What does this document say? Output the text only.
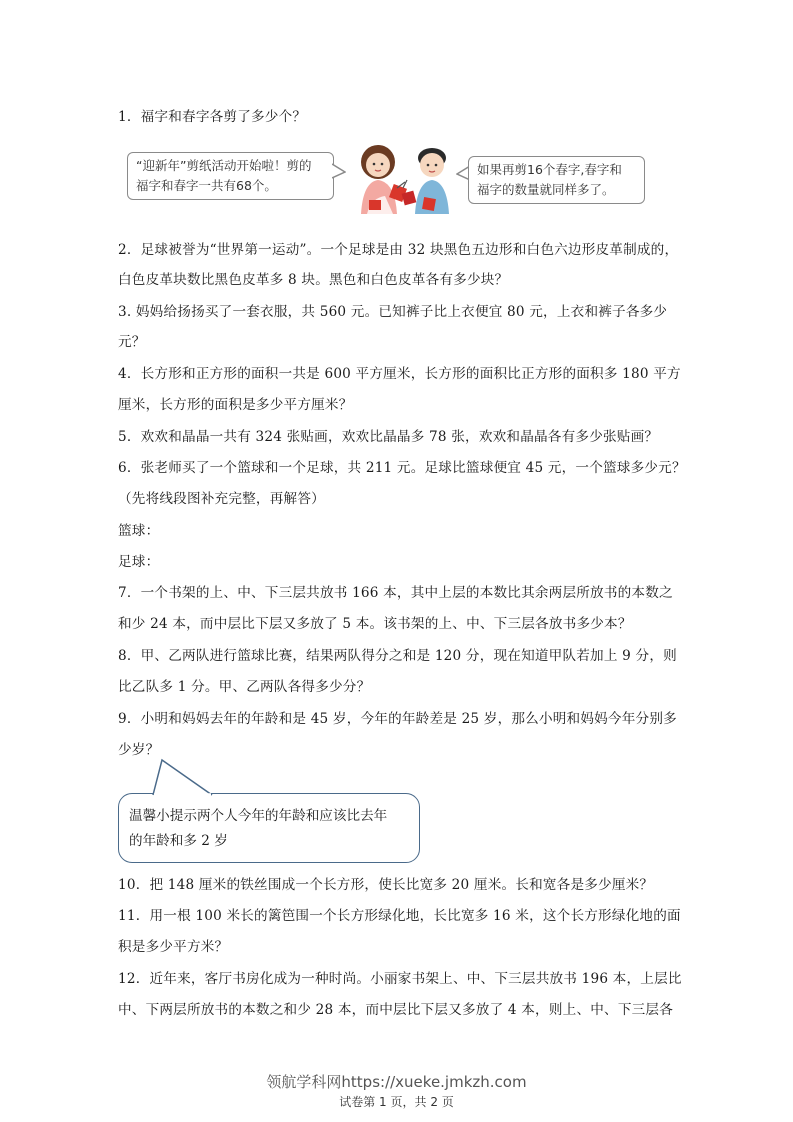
1．福字和春字各剪了多少个？
“迎新年”剪纸活动开始啦！剪的
福字和春字一共有68个。
如果再剪16个春字,春字和
福字的数量就同样多了。
2．足球被誉为“世界第一运动”。一个足球是由 32 块黑色五边形和白色六边形皮革制成的，
白色皮革块数比黑色皮革多 8 块。黑色和白色皮革各有多少块？
3. 妈妈给扬扬买了一套衣服，共 560 元。已知裤子比上衣便宜 80 元，上衣和裤子各多少
元？
4．长方形和正方形的面积一共是 600 平方厘米，长方形的面积比正方形的面积多 180 平方
厘米，长方形的面积是多少平方厘米？
5．欢欢和晶晶一共有 324 张贴画，欢欢比晶晶多 78 张，欢欢和晶晶各有多少张贴画？
6．张老师买了一个篮球和一个足球，共 211 元。足球比篮球便宜 45 元，一个篮球多少元？
（先将线段图补充完整，再解答）
篮球：
足球：
7．一个书架的上、中、下三层共放书 166 本，其中上层的本数比其余两层所放书的本数之
和少 24 本，而中层比下层又多放了 5 本。该书架的上、中、下三层各放书多少本？
8．甲、乙两队进行篮球比赛，结果两队得分之和是 120 分，现在知道甲队若加上 9 分，则
比乙队多 1 分。甲、乙两队各得多少分？
9．小明和妈妈去年的年龄和是 45 岁，今年的年龄差是 25 岁，那么小明和妈妈今年分别多
少岁？
温馨小提示两个人今年的年龄和应该比去年
的年龄和多 2 岁
10．把 148 厘米的铁丝围成一个长方形，使长比宽多 20 厘米。长和宽各是多少厘米？
11．用一根 100 米长的篱笆围一个长方形绿化地，长比宽多 16 米，这个长方形绿化地的面
积是多少平方米？
12．近年来，客厅书房化成为一种时尚。小丽家书架上、中、下三层共放书 196 本，上层比
中、下两层所放书的本数之和少 28 本，而中层比下层又多放了 4 本，则上、中、下三层各
领航学科网https://xueke.jmkzh.com
试卷第 1 页，共 2 页
